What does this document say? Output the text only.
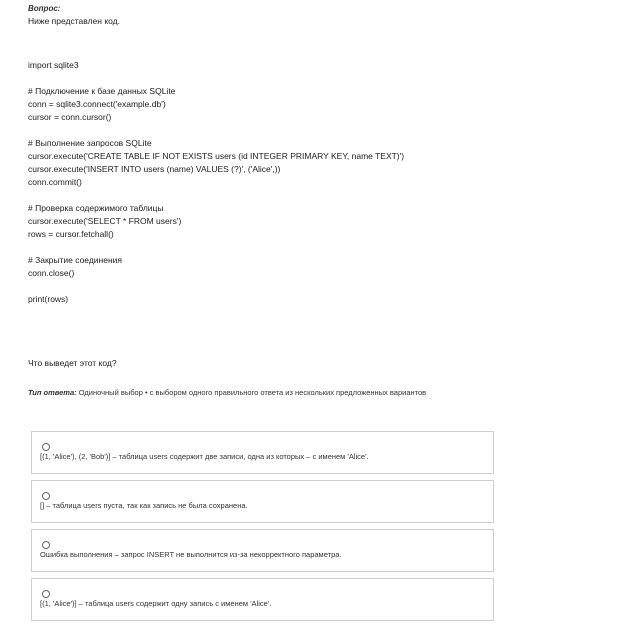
Вопрос:
Ниже представлен код.
import sqlite3
# Подключение к базе данных SQLite
conn = sqlite3.connect('example.db')
cursor = conn.cursor()
# Выполнение запросов SQLite
cursor.execute('CREATE TABLE IF NOT EXISTS users (id INTEGER PRIMARY KEY, name TEXT)')
cursor.execute('INSERT INTO users (name) VALUES (?)', ('Alice',))
conn.commit()
# Проверка содержимого таблицы
cursor.execute('SELECT * FROM users')
rows = cursor.fetchall()
# Закрытие соединения
conn.close()
print(rows)
Что выведет этот код?
Тип ответа: Одиночный выбор • с выбором одного правильного ответа из нескольких предложенных вариантов
[(1, 'Alice'), (2, 'Bob')] – таблица users содержит две записи, одна из которых – с именем 'Alice'.
[] – таблица users пуста, так как запись не была сохранена.
Ошибка выполнения – запрос INSERT не выполнится из-за некорректного параметра.
[(1, 'Alice')] – таблица users содержит одну запись с именем 'Alice'.
